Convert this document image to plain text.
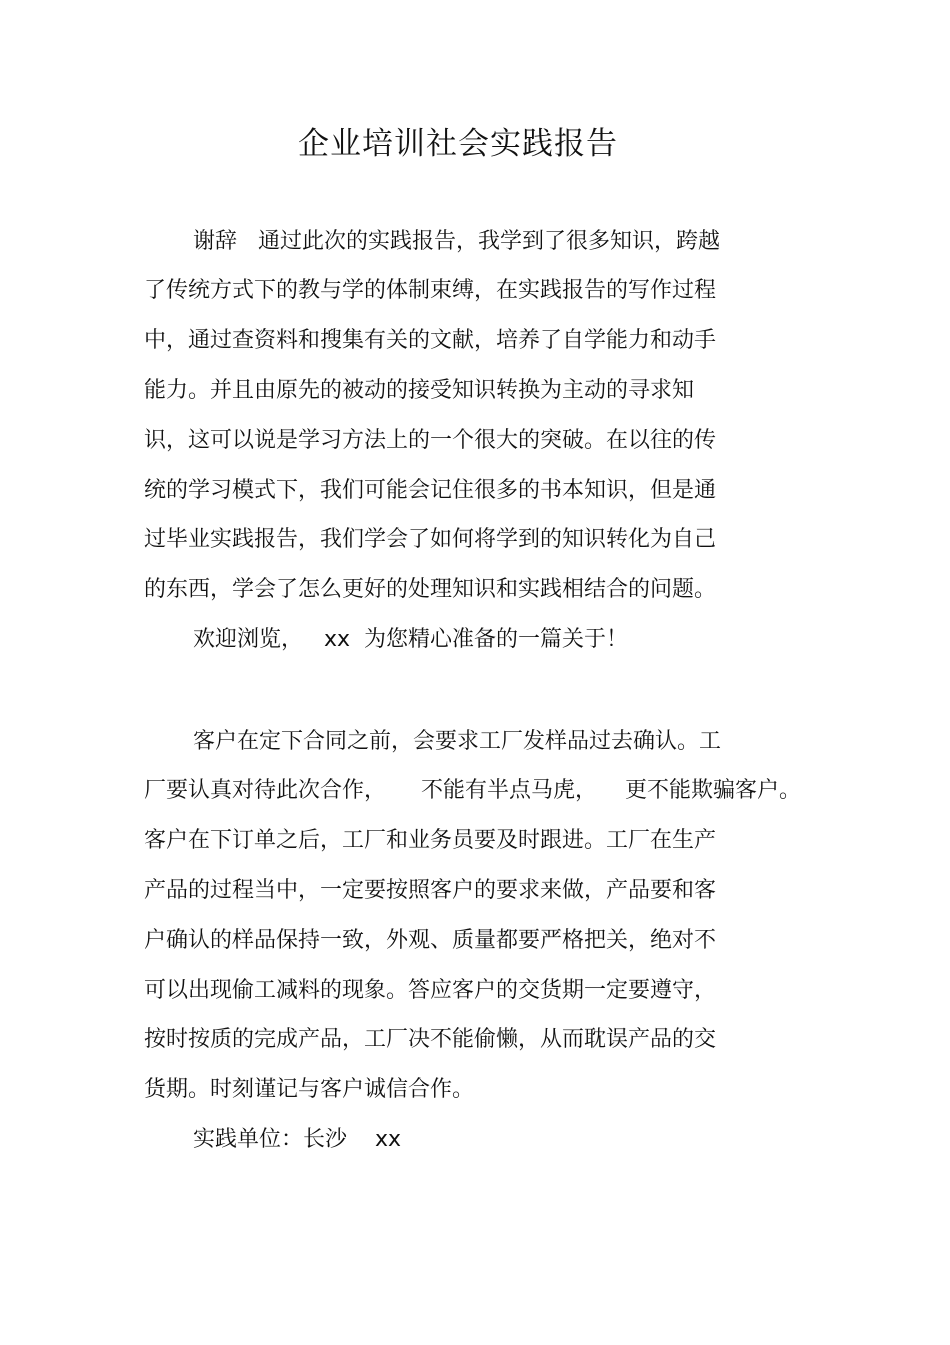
企业培训社会实践报告
谢辞   通过此次的实践报告，我学到了很多知识，跨越
了传统方式下的教与学的体制束缚，在实践报告的写作过程
中，通过查资料和搜集有关的文献，培养了自学能力和动手
能力。并且由原先的被动的接受知识转换为主动的寻求知
识，这可以说是学习方法上的一个很大的突破。在以往的传
统的学习模式下，我们可能会记住很多的书本知识，但是通
过毕业实践报告，我们学会了如何将学到的知识转化为自己
的东西，学会了怎么更好的处理知识和实践相结合的问题。
欢迎浏览，   xx  为您精心准备的一篇关于！
客户在定下合同之前，会要求工厂发样品过去确认。工
厂要认真对待此次合作，     不能有半点马虎，    更不能欺骗客户。
客户在下订单之后，工厂和业务员要及时跟进。工厂在生产
产品的过程当中，一定要按照客户的要求来做，产品要和客
户确认的样品保持一致，外观、质量都要严格把关，绝对不
可以出现偷工减料的现象。答应客户的交货期一定要遵守，
按时按质的完成产品，工厂决不能偷懒，从而耽误产品的交
货期。时刻谨记与客户诚信合作。
实践单位：长沙    xx
